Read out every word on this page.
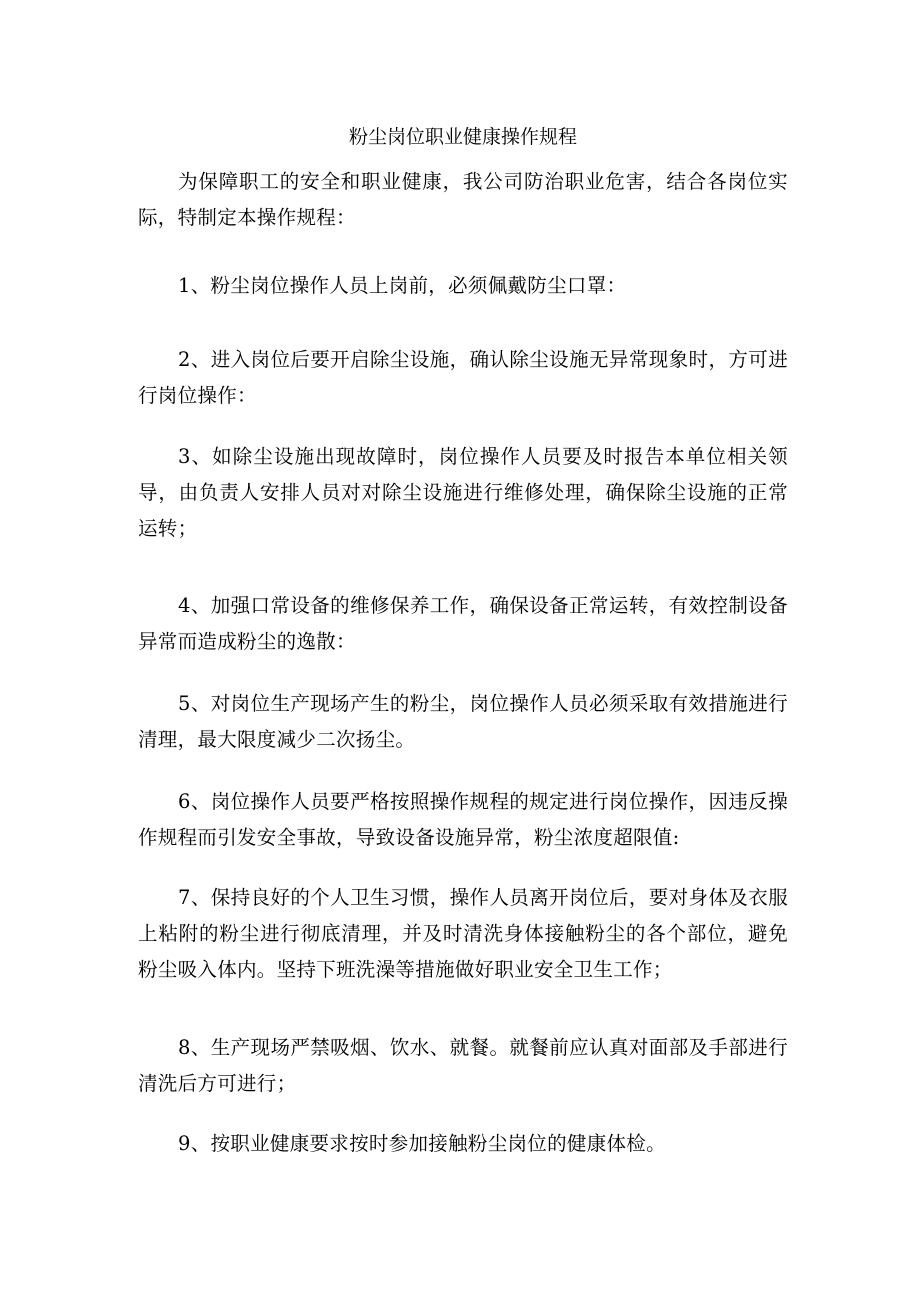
粉尘岗位职业健康操作规程

为保障职工的安全和职业健康，我公司防治职业危害，结合各岗位实际，特制定本操作规程：

1、粉尘岗位操作人员上岗前，必须佩戴防尘口罩：

2、进入岗位后要开启除尘设施，确认除尘设施无异常现象时，方可进行岗位操作：

3、如除尘设施出现故障时，岗位操作人员要及时报告本单位相关领导，由负责人安排人员对对除尘设施进行维修处理，确保除尘设施的正常运转；

4、加强口常设备的维修保养工作，确保设备正常运转，有效控制设备异常而造成粉尘的逸散：

5、对岗位生产现场产生的粉尘，岗位操作人员必须采取有效措施进行清理，最大限度减少二次扬尘。

6、岗位操作人员要严格按照操作规程的规定进行岗位操作，因违反操作规程而引发安全事故，导致设备设施异常，粉尘浓度超限值:

7、保持良好的个人卫生习惯，操作人员离开岗位后，要对身体及衣服上粘附的粉尘进行彻底清理，并及时清洗身体接触粉尘的各个部位，避免粉尘吸入体内。坚持下班洗澡等措施做好职业安全卫生工作；

8、生产现场严禁吸烟、饮水、就餐。就餐前应认真对面部及手部进行清洗后方可进行；

9、按职业健康要求按时参加接触粉尘岗位的健康体检。
